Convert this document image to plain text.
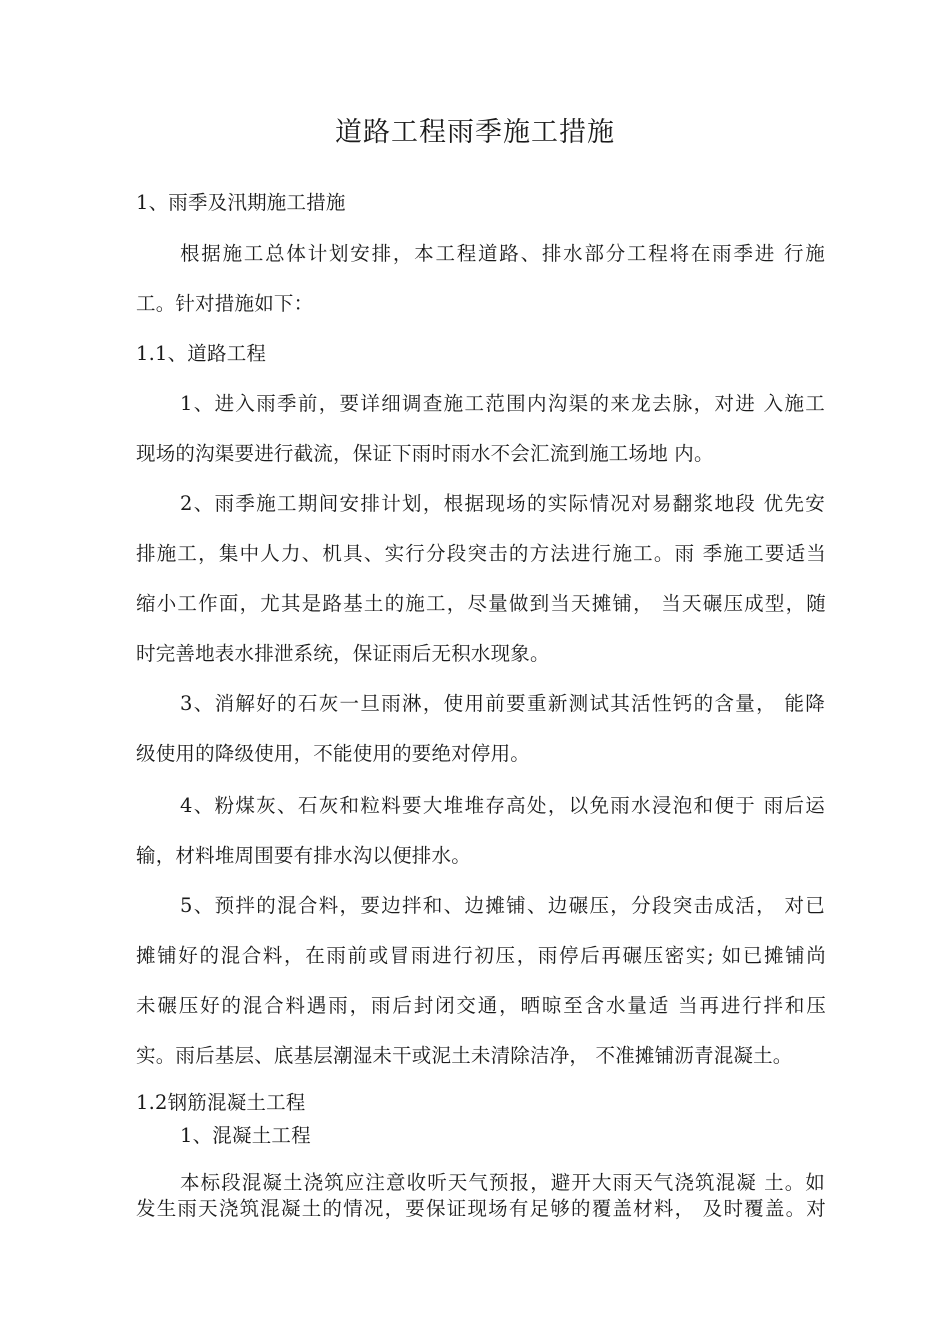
道路工程雨季施工措施
1、雨季及汛期施工措施
根据施工总体计划安排，本工程道路、排水部分工程将在雨季进 行施
工。针对措施如下：
1.1、道路工程
1、进入雨季前，要详细调查施工范围内沟渠的来龙去脉，对进 入施工
现场的沟渠要进行截流，保证下雨时雨水不会汇流到施工场地 内。
2、雨季施工期间安排计划，根据现场的实际情况对易翻浆地段 优先安
排施工，集中人力、机具、实行分段突击的方法进行施工。雨 季施工要适当
缩小工作面，尤其是路基土的施工，尽量做到当天摊铺， 当天碾压成型，随
时完善地表水排泄系统，保证雨后无积水现象。
3、消解好的石灰一旦雨淋，使用前要重新测试其活性钙的含量， 能降
级使用的降级使用，不能使用的要绝对停用。
4、粉煤灰、石灰和粒料要大堆堆存高处，以免雨水浸泡和便于 雨后运
输，材料堆周围要有排水沟以便排水。
5、预拌的混合料，要边拌和、边摊铺、边碾压，分段突击成活， 对已
摊铺好的混合料，在雨前或冒雨进行初压，雨停后再碾压密实; 如已摊铺尚
未碾压好的混合料遇雨，雨后封闭交通，晒晾至含水量适 当再进行拌和压
实。雨后基层、底基层潮湿未干或泥土未清除洁净， 不准摊铺沥青混凝土。
1.2钢筋混凝土工程
1、混凝土工程
本标段混凝土浇筑应注意收听天气预报，避开大雨天气浇筑混凝 土。如
发生雨天浇筑混凝土的情况，要保证现场有足够的覆盖材料， 及时覆盖。对
